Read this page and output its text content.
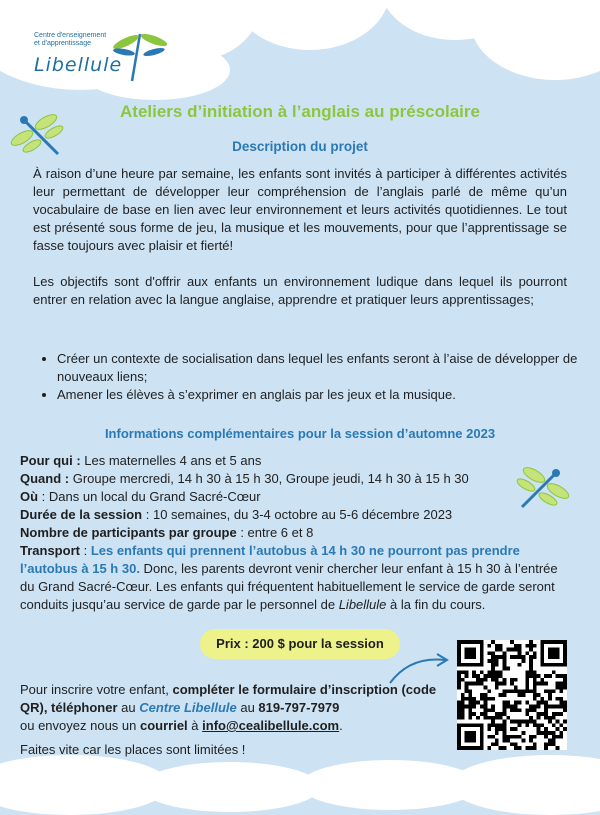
Centre d'enseignement
et d'apprentissage
Libellule
Ateliers d’initiation à l’anglais au préscolaire
Description du projet

À raison d’une heure par semaine, les enfants sont invités à participer à différentes activités leur permettant de développer leur compréhension de l’anglais parlé de même qu’un vocabulaire de base en lien avec leur environnement et leurs activités quotidiennes. Le tout est présenté sous forme de jeu, la musique et les mouvements, pour que l’apprentissage se fasse toujours avec plaisir et fierté!

Les objectifs sont d'offrir aux enfants un environnement ludique dans lequel ils pourront entrer en relation avec la langue anglaise, apprendre et pratiquer leurs apprentissages;

• Créer un contexte de socialisation dans lequel les enfants seront à l’aise de développer de nouveaux liens;
• Amener les élèves à s’exprimer en anglais par les jeux et la musique.
Informations complémentaires pour la session d’automne 2023

Pour qui : Les maternelles 4 ans et 5 ans

Quand : Groupe mercredi, 14 h 30 à 15 h 30, Groupe jeudi, 14 h 30 à 15 h 30

Où : Dans un local du Grand Sacré-Cœur

Durée de la session : 10 semaines, du 3-4 octobre au 5-6 décembre 2023

Nombre de participants par groupe : entre 6 et 8

Transport : Les enfants qui prennent l’autobus à 14 h 30 ne pourront pas prendre l’autobus à 15 h 30. Donc, les parents devront venir chercher leur enfant à 15 h 30 à l’entrée du Grand Sacré-Cœur. Les enfants qui fréquentent habituellement le service de garde seront conduits jusqu’au service de garde par le personnel de Libellule à la fin du cours.

Prix : 200 $ pour la session

Pour inscrire votre enfant, compléter le formulaire d’inscription (code QR), téléphoner au Centre Libellule au 819-797-7979
ou envoyez nous un courriel à info@cealibellule.com.

Faites vite car les places sont limitées !
